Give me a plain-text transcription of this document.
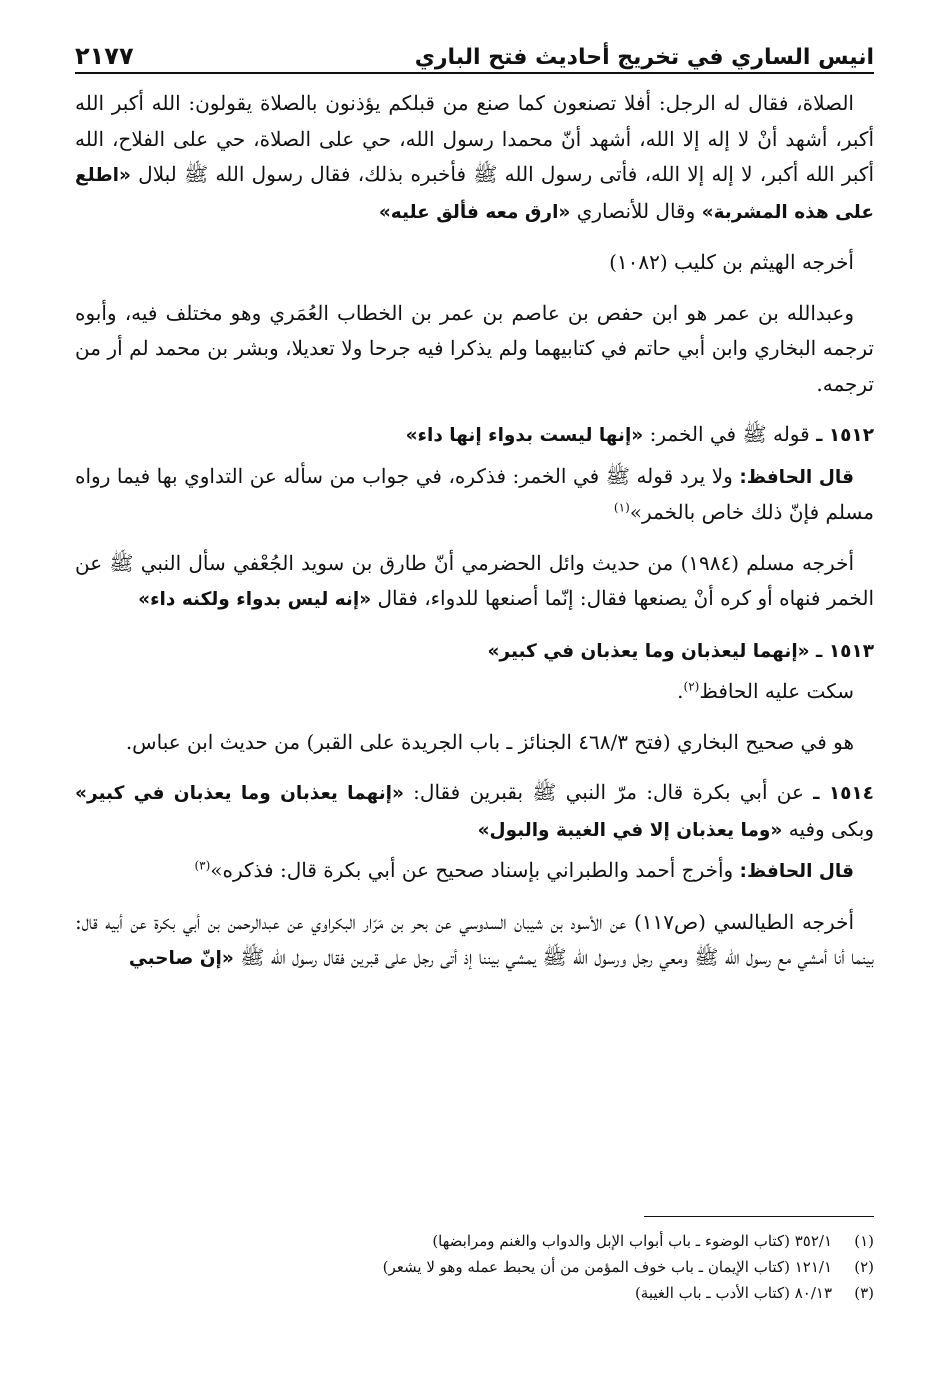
انيس الساري في تخريج أحاديث فتح الباري
٢١٧٧

الصلاة، فقال له الرجل: أفلا تصنعون كما صنع من قبلكم يؤذنون بالصلاة يقولون: الله أكبر الله أكبر، أشهد أنْ لا إله إلا الله، أشهد أنّ محمدا رسول الله، حي على الصلاة، حي على الفلاح، الله أكبر الله أكبر، لا إله إلا الله، فأتى رسول الله ﷺ فأخبره بذلك، فقال رسول الله ﷺ لبلال «اطلع على هذه المشربة» وقال للأنصاري «ارق معه فألق عليه»

أخرجه الهيثم بن كليب (١٠٨٢)

وعبدالله بن عمر هو ابن حفص بن عاصم بن عمر بن الخطاب العُمَري وهو مختلف فيه، وأبوه ترجمه البخاري وابن أبي حاتم في كتابيهما ولم يذكرا فيه جرحا ولا تعديلا، وبشر بن محمد لم أر من ترجمه.

١٥١٢ ـ قوله ﷺ في الخمر: «إنها ليست بدواء إنها داء»

قال الحافظ: ولا يرد قوله ﷺ في الخمر: فذكره، في جواب من سأله عن التداوي بها فيما رواه مسلم فإنّ ذلك خاص بالخمر»$^{(١)}$

أخرجه مسلم (١٩٨٤) من حديث وائل الحضرمي أنّ طارق بن سويد الجُعْفي سأل النبي ﷺ عن الخمر فنهاه أو كره أنْ يصنعها فقال: إنّما أصنعها للدواء، فقال «إنه ليس بدواء ولكنه داء»

١٥١٣ ـ «إنهما ليعذبان وما يعذبان في كبير»

سكت عليه الحافظ$^{(٢)}$.

هو في صحيح البخاري (فتح ٤٦٨/٣ الجنائز ـ باب الجريدة على القبر) من حديث ابن عباس.

١٥١٤ ـ عن أبي بكرة قال: مرّ النبي ﷺ بقبرين فقال: «إنهما يعذبان وما يعذبان في كبير» وبكى وفيه «وما يعذبان إلا في الغيبة والبول»

قال الحافظ: وأخرج أحمد والطبراني بإسناد صحيح عن أبي بكرة قال: فذكره»$^{(٣)}$

أخرجه الطيالسي (ص١١٧) عن الأسود بن شيبان السدوسي عن بحر بن مَرّار البكراوي عن عبدالرحمن بن أبي بكرة عن أبيه قال: بينما أنا أمشي مع رسول الله ﷺ ومعي رجل ورسول الله ﷺ يمشي بيننا إذ أتى رجل على قبرين فقال رسول الله ﷺ «إنّ صاحبي

(١)
٣٥٢/١ (كتاب الوضوء ـ باب أبواب الإبل والدواب والغنم ومرابضها)
(٢)
١٢١/١ (كتاب الإيمان ـ باب خوف المؤمن من أن يحبط عمله وهو لا يشعر)
(٣)
٨٠/١٣ (كتاب الأدب ـ باب الغيبة)
